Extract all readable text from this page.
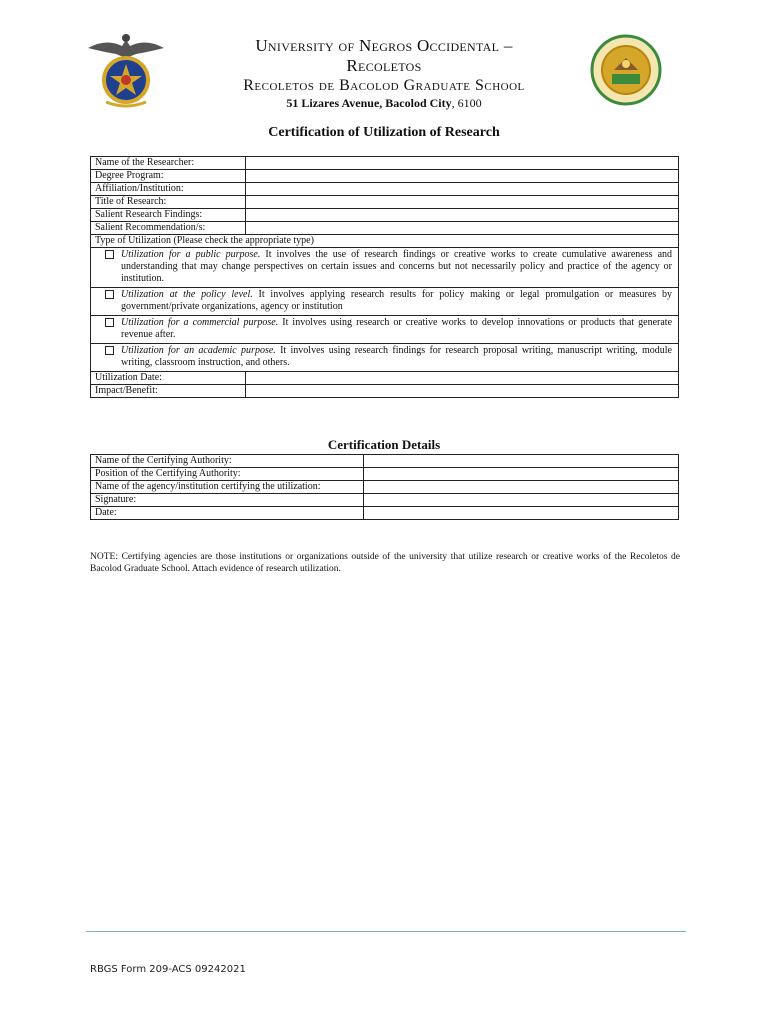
University of Negros Occidental –
Recoletos
Recoletos de Bacolod Graduate School
51 Lizares Avenue, Bacolod City, 6100
Certification of Utilization of Research
Name of the Researcher:	
Degree Program:	
Affiliation/Institution:	
Title of Research:	
Salient Research Findings:	
Salient Recommendation/s:	
Type of Utilization (Please check the appropriate type)	

Utilization for a public purpose. It involves the use of research findings or creative works to create cumulative awareness and understanding that may change perspectives on certain issues and concerns but not necessarily policy and practice of the agency or institution.	

Utilization at the policy level. It involves applying research results for policy making or legal promulgation or measures by government/private organizations, agency or institution	

Utilization for a commercial purpose. It involves using research or creative works to develop innovations or products that generate revenue after.	

Utilization for an academic purpose. It involves using research findings for research proposal writing, manuscript writing, module writing, classroom instruction, and others.	
Utilization Date:	
Impact/Benefit:	
Certification Details
Name of the Certifying Authority:	
Position of the Certifying Authority:	
Name of the agency/institution certifying the utilization:	
Signature:	
Date:	
NOTE: Certifying agencies are those institutions or organizations outside of the university that utilize research or creative works of the Recoletos de Bacolod Graduate School. Attach evidence of research utilization.
RBGS Form 209-ACS 09242021
